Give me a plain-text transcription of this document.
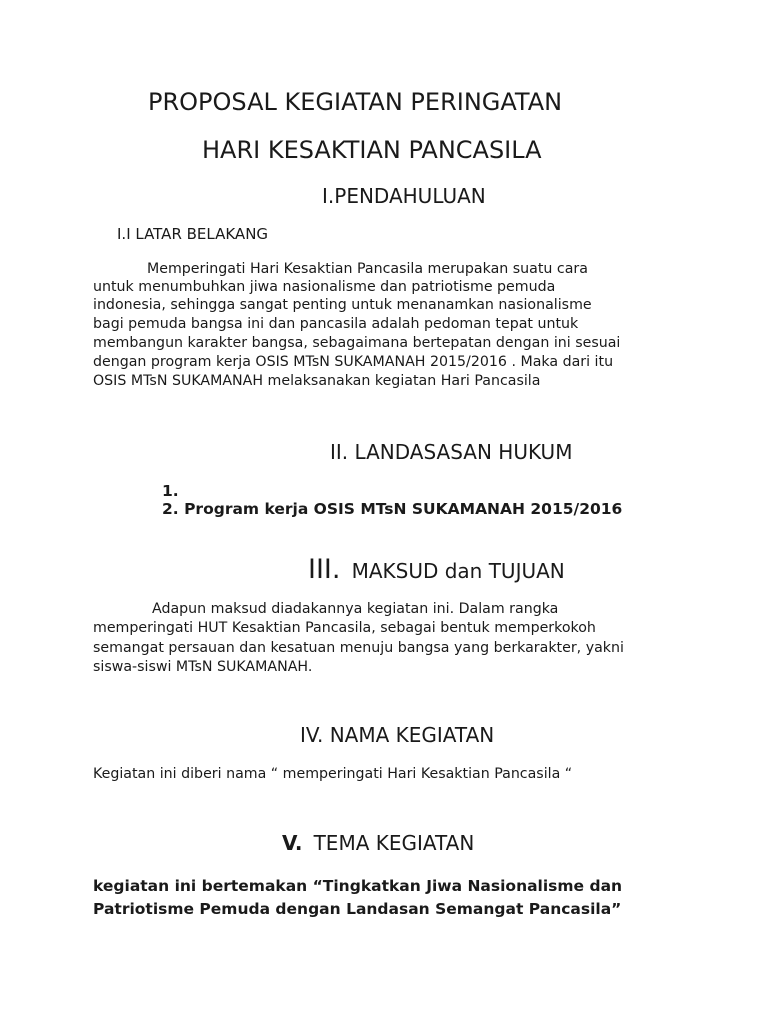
PROPOSAL KEGIATAN PERINGATAN
HARI KESAKTIAN PANCASILA
I.PENDAHULUAN
I.I LATAR BELAKANG
Memperingati Hari Kesaktian Pancasila merupakan suatu cara
untuk menumbuhkan jiwa nasionalisme dan patriotisme pemuda
indonesia, sehingga sangat penting untuk menanamkan nasionalisme
bagi pemuda bangsa ini dan pancasila adalah pedoman tepat untuk
membangun karakter bangsa, sebagaimana bertepatan dengan ini sesuai
dengan program kerja OSIS MTsN SUKAMANAH 2015/2016 . Maka dari itu
OSIS MTsN SUKAMANAH melaksanakan kegiatan Hari Pancasila
II. LANDASASAN HUKUM
1.
2. Program kerja OSIS MTsN SUKAMANAH 2015/2016
III. MAKSUD dan TUJUAN
Adapun maksud diadakannya kegiatan ini. Dalam rangka
memperingati HUT Kesaktian Pancasila, sebagai bentuk memperkokoh
semangat persauan dan kesatuan menuju bangsa yang berkarakter, yakni
siswa-siswi MTsN SUKAMANAH.
IV. NAMA KEGIATAN
Kegiatan ini diberi nama “ memperingati Hari Kesaktian Pancasila “
V. TEMA KEGIATAN
kegiatan ini bertemakan “Tingkatkan Jiwa Nasionalisme dan
Patriotisme Pemuda dengan Landasan Semangat Pancasila”
